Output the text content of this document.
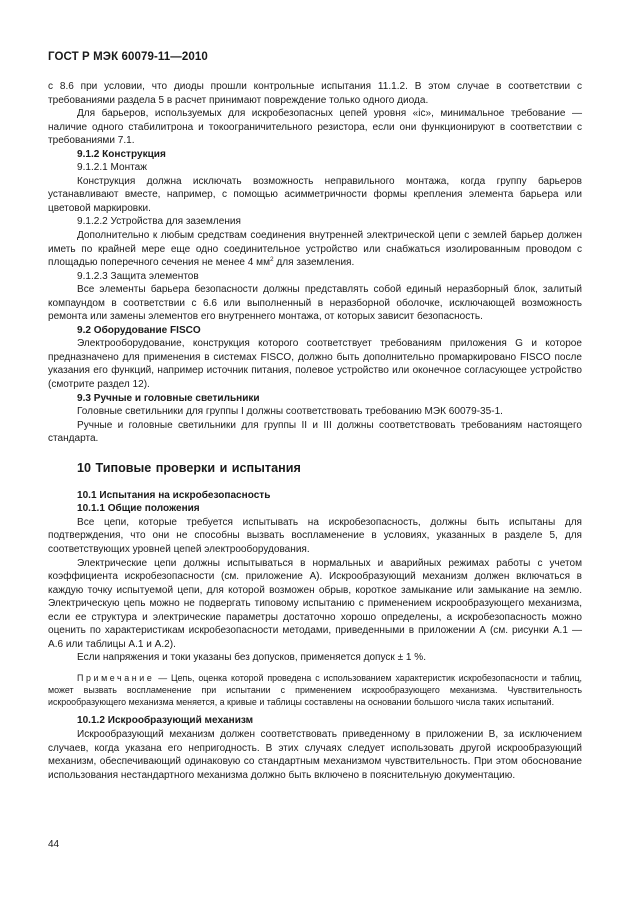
ГОСТ Р МЭК 60079-11—2010

с 8.6 при условии, что диоды прошли контрольные испытания 11.1.2. В этом случае в соответствии с требованиями раздела 5 в расчет принимают повреждение только одного диода.

Для барьеров, используемых для искробезопасных цепей уровня «ic», минимальное требование — наличие одного стабилитрона и токоограничительного резистора, если они функционируют в соответствии с требованиями 7.1.

9.1.2 Конструкция

9.1.2.1 Монтаж

Конструкция должна исключать возможность неправильного монтажа, когда группу барьеров устанавливают вместе, например, с помощью асимметричности формы крепления элемента барьера или цветовой маркировки.

9.1.2.2 Устройства для заземления

Дополнительно к любым средствам соединения внутренней электрической цепи с землей барьер должен иметь по крайней мере еще одно соединительное устройство или снабжаться изолированным проводом с площадью поперечного сечения не менее 4 $мм^2$ для заземления.

9.1.2.3 Защита элементов

Все элементы барьера безопасности должны представлять собой единый неразборный блок, залитый компаундом в соответствии с 6.6 или выполненный в неразборной оболочке, исключающей возможность ремонта или замены элементов его внутреннего монтажа, от которых зависит безопасность.

9.2 Оборудование FISCO

Электрооборудование, конструкция которого соответствует требованиям приложения G и которое предназначено для применения в системах FISCO, должно быть дополнительно промаркировано FISCO после указания его функций, например источник питания, полевое устройство или оконечное согласующее устройство (смотрите раздел 12).

9.3 Ручные и головные светильники

Головные светильники для группы I должны соответствовать требованию МЭК 60079-35-1.

Ручные и головные светильники для группы II и III должны соответствовать требованиям настоящего стандарта.

10 Типовые проверки и испытания

10.1 Испытания на искробезопасность

10.1.1 Общие положения

Все цепи, которые требуется испытывать на искробезопасность, должны быть испытаны для подтверждения, что они не способны вызвать воспламенение в условиях, указанных в разделе 5, для соответствующих уровней цепей электрооборудования.

Электрические цепи должны испытываться в нормальных и аварийных режимах работы с учетом коэффициента искробезопасности (см. приложение А). Искрообразующий механизм должен включаться в каждую точку испытуемой цепи, для которой возможен обрыв, короткое замыкание или замыкание на землю. Электрическую цепь можно не подвергать типовому испытанию с применением искрообразующего механизма, если ее структура и электрические параметры достаточно хорошо определены, а искробезопасность можно оценить по характеристикам искробезопасности методами, приведенными в приложении А (см. рисунки А.1 — А.6 или таблицы А.1 и А.2).

Если напряжения и токи указаны без допусков, применяется допуск ± 1 %.

Примечание — Цепь, оценка которой проведена с использованием характеристик искробезопасности и таблиц, может вызвать воспламенение при испытании с применением искрообразующего механизма. Чувствительность искрообразующего механизма меняется, а кривые и таблицы составлены на основании большого числа таких испытаний.

10.1.2 Искрообразующий механизм

Искрообразующий механизм должен соответствовать приведенному в приложении B, за исключением случаев, когда указана его непригодность. В этих случаях следует использовать другой искрообразующий механизм, обеспечивающий одинаковую со стандартным механизмом чувствительность. При этом обоснование использования нестандартного механизма должно быть включено в пояснительную документацию.

44
